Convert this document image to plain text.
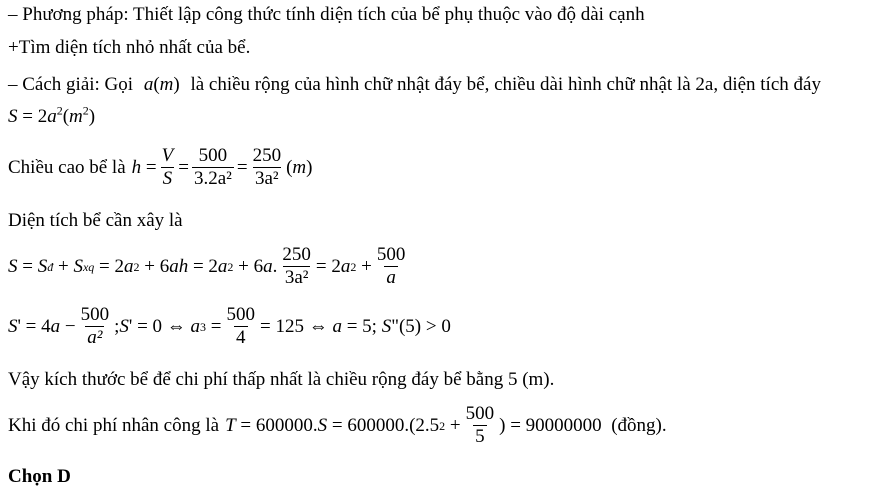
– Phương pháp: Thiết lập công thức tính diện tích của bể phụ thuộc vào độ dài cạnh
+Tìm diện tích nhỏ nhất của bể.
– Cách giải: Gọi a(m) là chiều rộng của hình chữ nhật đáy bể, chiều dài hình chữ nhật là 2a, diện tích đáy
$S = 2a^2(m^2)$
Chiều cao bể là $h = \frac{V}{S} = \frac{500}{\text{3.2a²}} = \frac{250}{\text{3a²}}$ ( m )
Diện tích bể cần xây là
S = S đ + S xq = 2 a 2 + 6 ah = 2 a 2 + 6 a . $\frac{250}{\text{3a²}} = 2$ a $2 + \frac{500}{a}$
S ' = 4 $a - \frac{500}{\text{a²}}$ ; S ' = 0 ⇔ a $3 = \frac{500}{4} = 125$ ⇔ a = 5; S "(5) > 0
Vậy kích thước bể để chi phí thấp nhất là chiều rộng đáy bể bằng 5 (m).
Khi đó chi phí nhân công là T = 600000. S = 600000.(2.5 $2 + \frac{500}{5}$ ) = 90000000 (đồng).
Chọn D
